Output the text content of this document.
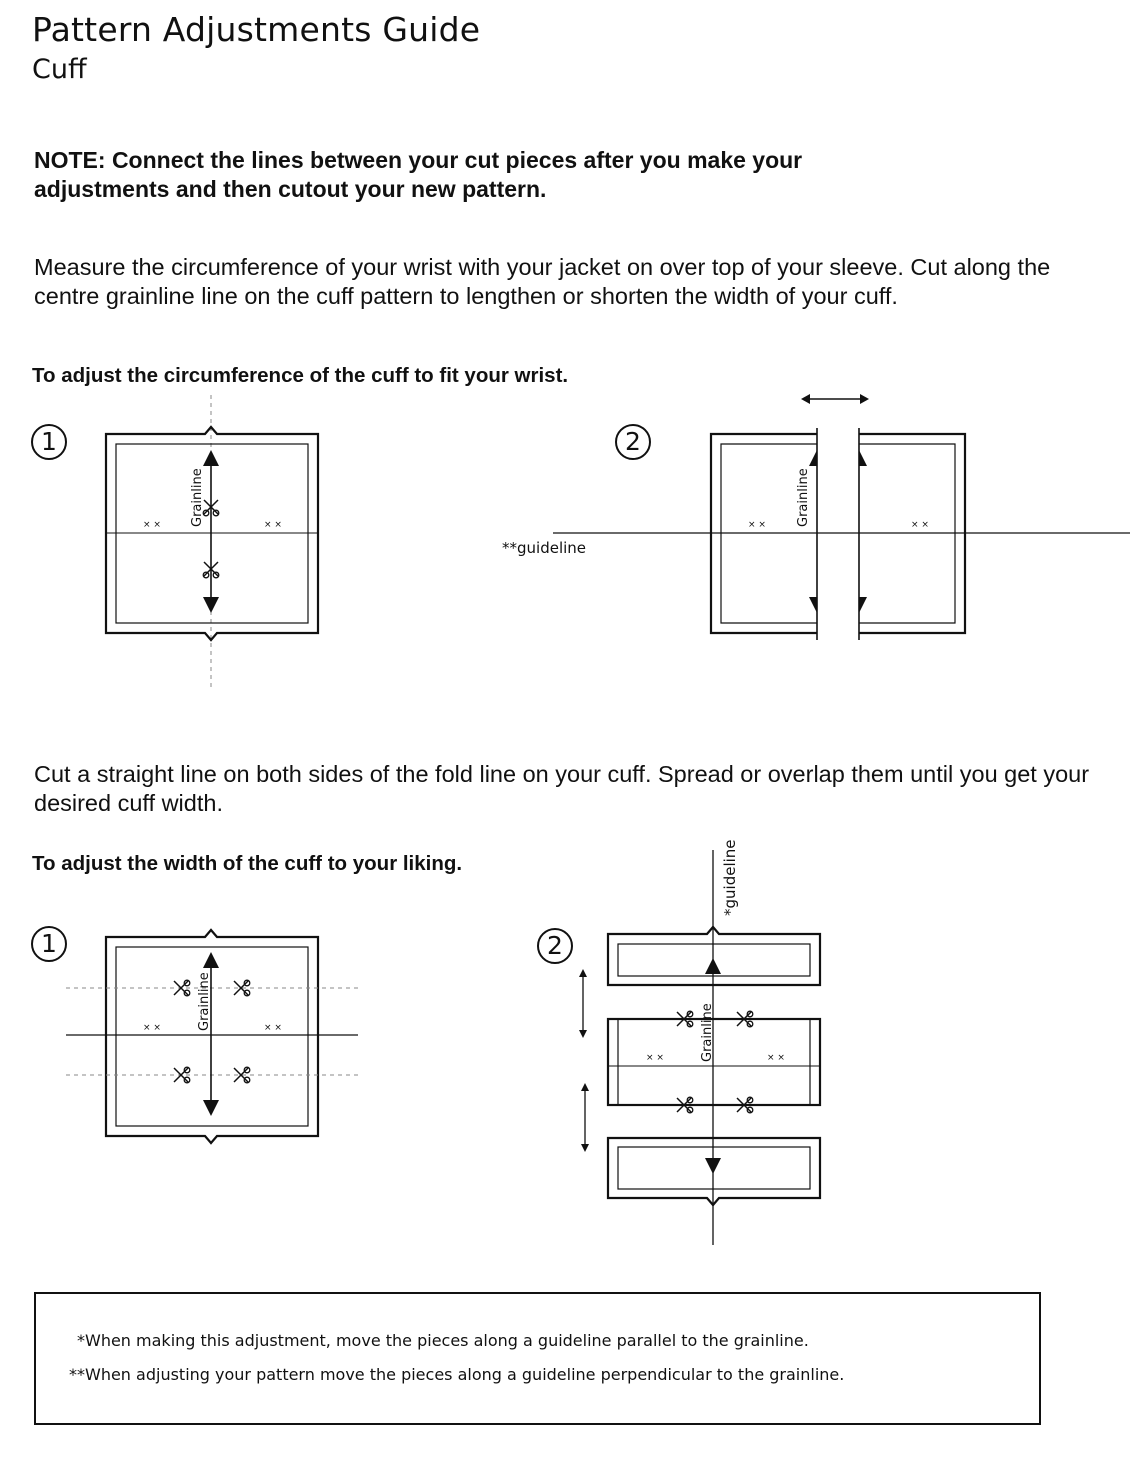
Pattern Adjustments Guide
Cuff
NOTE: Connect the lines between your cut pieces after you make your adjustments and then cutout your new pattern.
Measure the circumference of your wrist with your jacket on over top of your sleeve. Cut along the centre grainline line on the cuff pattern to lengthen or shorten the width of your cuff.
To adjust the circumference of the cuff to fit your wrist.
1	2
Cut a straight line on both sides of the fold line on your cuff. Spread or overlap them until you get your desired cuff width.
To adjust the width of the cuff to your liking.
1	2
Grainline
× ×	× ×
**guideline
Grainline
× ×	× ×
Grainline
× ×	× ×
*guideline
Grainline
× ×	× ×
*When making this adjustment, move the pieces along a guideline parallel to the grainline.
**When adjusting your pattern move the pieces along a guideline perpendicular to the grainline.
